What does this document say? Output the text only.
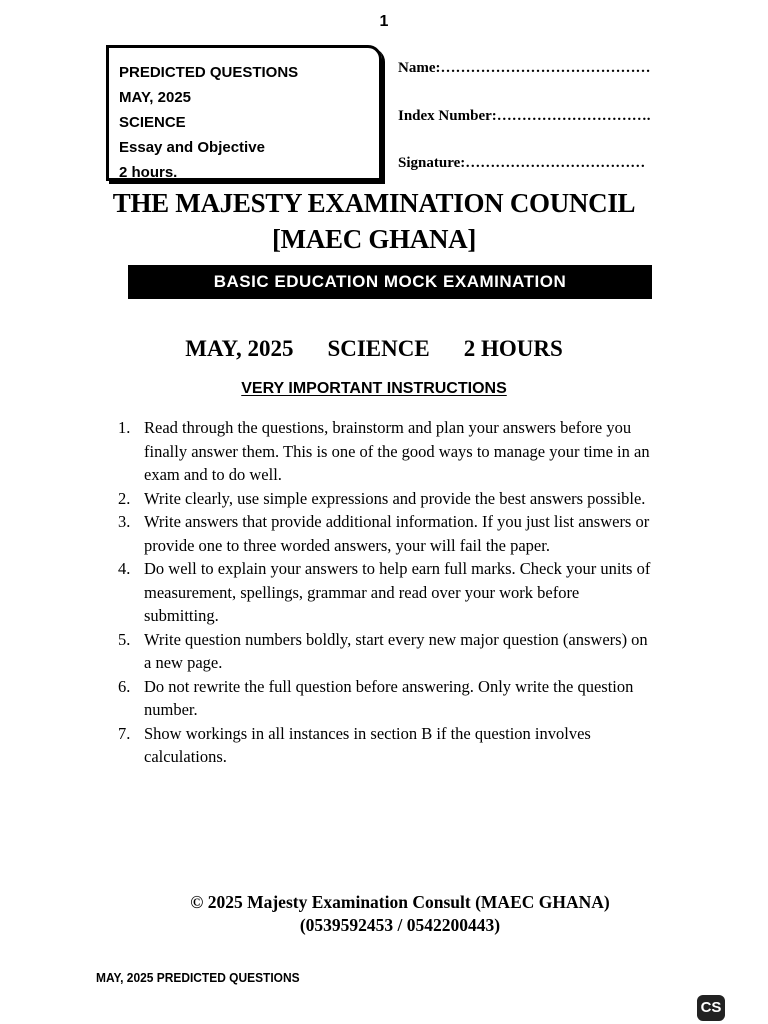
1
PREDICTED QUESTIONS
MAY, 2025
SCIENCE
Essay and Objective
2 hours.
Name:……………………………………
Index Number:………………………….
Signature:………………………………
THE MAJESTY EXAMINATION COUNCIL
[MAEC GHANA]
BASIC EDUCATION MOCK EXAMINATION
MAY, 2025 SCIENCE 2 HOURS
VERY IMPORTANT INSTRUCTIONS
1. Read through the questions, brainstorm and plan your answers before you finally answer them. This is one of the good ways to manage your time in an exam and to do well.
2. Write clearly, use simple expressions and provide the best answers possible.
3. Write answers that provide additional information. If you just list answers or provide one to three worded answers, your will fail the paper.
4. Do well to explain your answers to help earn full marks. Check your units of measurement, spellings, grammar and read over your work before submitting.
5. Write question numbers boldly, start every new major question (answers) on a new page.
6. Do not rewrite the full question before answering. Only write the question number.
7. Show workings in all instances in section B if the question involves calculations.
© 2025 Majesty Examination Consult (MAEC GHANA)
(0539592453 / 0542200443)
MAY, 2025 PREDICTED QUESTIONS
CS
